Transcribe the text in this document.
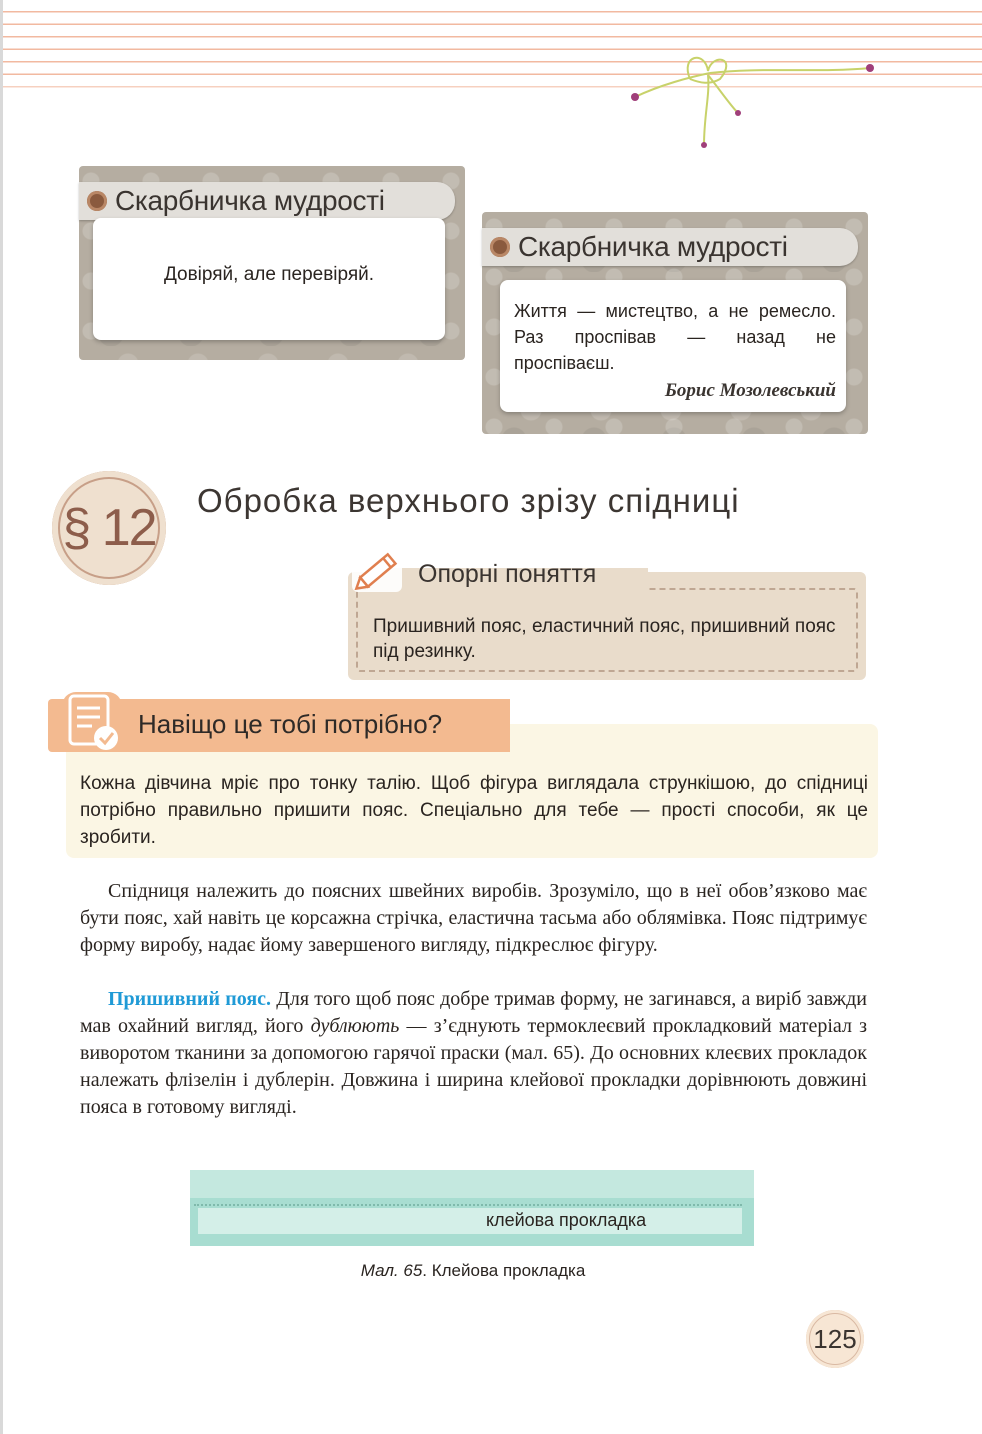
Скарбничка мудрості
Довіряй, але перевіряй.
Скарбничка мудрості
Життя — мистецтво, а не ремесло. Раз проспівав — назад не проспіваєш.
Борис Мозолевський
§ 12	Обробка верхнього зрізу спідниці
Опорні поняття
Пришивний пояс, еластичний пояс, пришивний пояс під резинку.
Кожна дівчина мріє про тонку талію. Щоб фігура виглядала стрункішою, до спідниці потрібно правильно пришити пояс. Спеціально для тебе — прості способи, як це зробити.
Навіщо це тобі потрібно?
Спідниця належить до поясних швейних виробів. Зрозуміло, що в неї обов’язково має бути пояс, хай навіть це корсажна стрічка, еластична тасьма або облямівка. Пояс підтримує форму виробу, надає йому завершеного вигляду, підкреслює фігуру.
Пришивний пояс. Для того щоб пояс добре тримав форму, не загинався, а виріб завжди мав охайний вигляд, його дублюють — з’єднують термоклеєвий прокладковий матеріал з виворотом тканини за допомогою гарячої праски (мал. 65). До основних клеєвих прокладок належать флізелін і дублерін. Довжина і ширина клейової прокладки дорівнюють довжині пояса в готовому вигляді.
клейова прокладка
Мал. 65. Клейова прокладка
125
